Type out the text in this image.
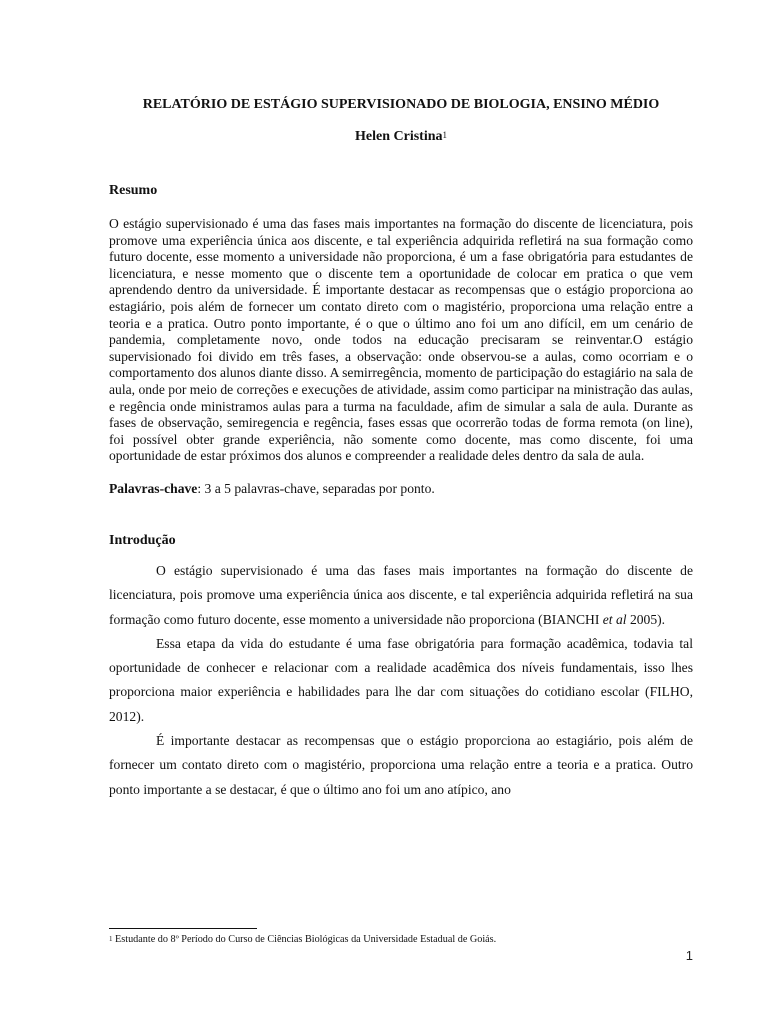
RELATÓRIO DE ESTÁGIO SUPERVISIONADO DE BIOLOGIA, ENSINO MÉDIO

Helen Cristina$^1$

Resumo

O estágio supervisionado é uma das fases mais importantes na formação do discente de licenciatura, pois promove uma experiência única aos discente, e tal experiência adquirida refletirá na sua formação como futuro docente, esse momento a universidade não proporciona, é um a fase obrigatória para estudantes de licenciatura, e nesse momento que o discente tem a oportunidade de colocar em pratica o que vem aprendendo dentro da universidade. É importante destacar as recompensas que o estágio proporciona ao estagiário, pois além de fornecer um contato direto com o magistério, proporciona uma relação entre a teoria e a pratica. Outro ponto importante, é o que o último ano foi um ano difícil, em um cenário de pandemia, completamente novo, onde todos na educação precisaram se reinventar.O estágio supervisionado foi divido em três fases, a observação: onde observou-se a aulas, como ocorriam e o comportamento dos alunos diante disso. A semirregência, momento de participação do estagiário na sala de aula, onde por meio de correções e execuções de atividade, assim como participar na ministração das aulas, e regência onde ministramos aulas para a turma na faculdade, afim de simular a sala de aula. Durante as fases de observação, semiregencia e regência, fases essas que ocorrerão todas de forma remota (on line), foi possível obter grande experiência, não somente como docente, mas como discente, foi uma oportunidade de estar próximos dos alunos e compreender a realidade deles dentro da sala de aula.

Palavras-chave: 3 a 5 palavras-chave, separadas por ponto.

Introdução

O estágio supervisionado é uma das fases mais importantes na formação do discente de licenciatura, pois promove uma experiência única aos discente, e tal experiência adquirida refletirá na sua formação como futuro docente, esse momento a universidade não proporciona (BIANCHI et al 2005).

Essa etapa da vida do estudante é uma fase obrigatória para formação acadêmica, todavia tal oportunidade de conhecer e relacionar com a realidade acadêmica dos níveis fundamentais, isso lhes proporciona maior experiência e habilidades para lhe dar com situações do cotidiano escolar (FILHO, 2012).

É importante destacar as recompensas que o estágio proporciona ao estagiário, pois além de fornecer um contato direto com o magistério, proporciona uma relação entre a teoria e a pratica. Outro ponto importante a se destacar, é que o último ano foi um ano atípico, ano

$^1$ Estudante do 8º Período do Curso de Ciências Biológicas da Universidade Estadual de Goiás.
1
